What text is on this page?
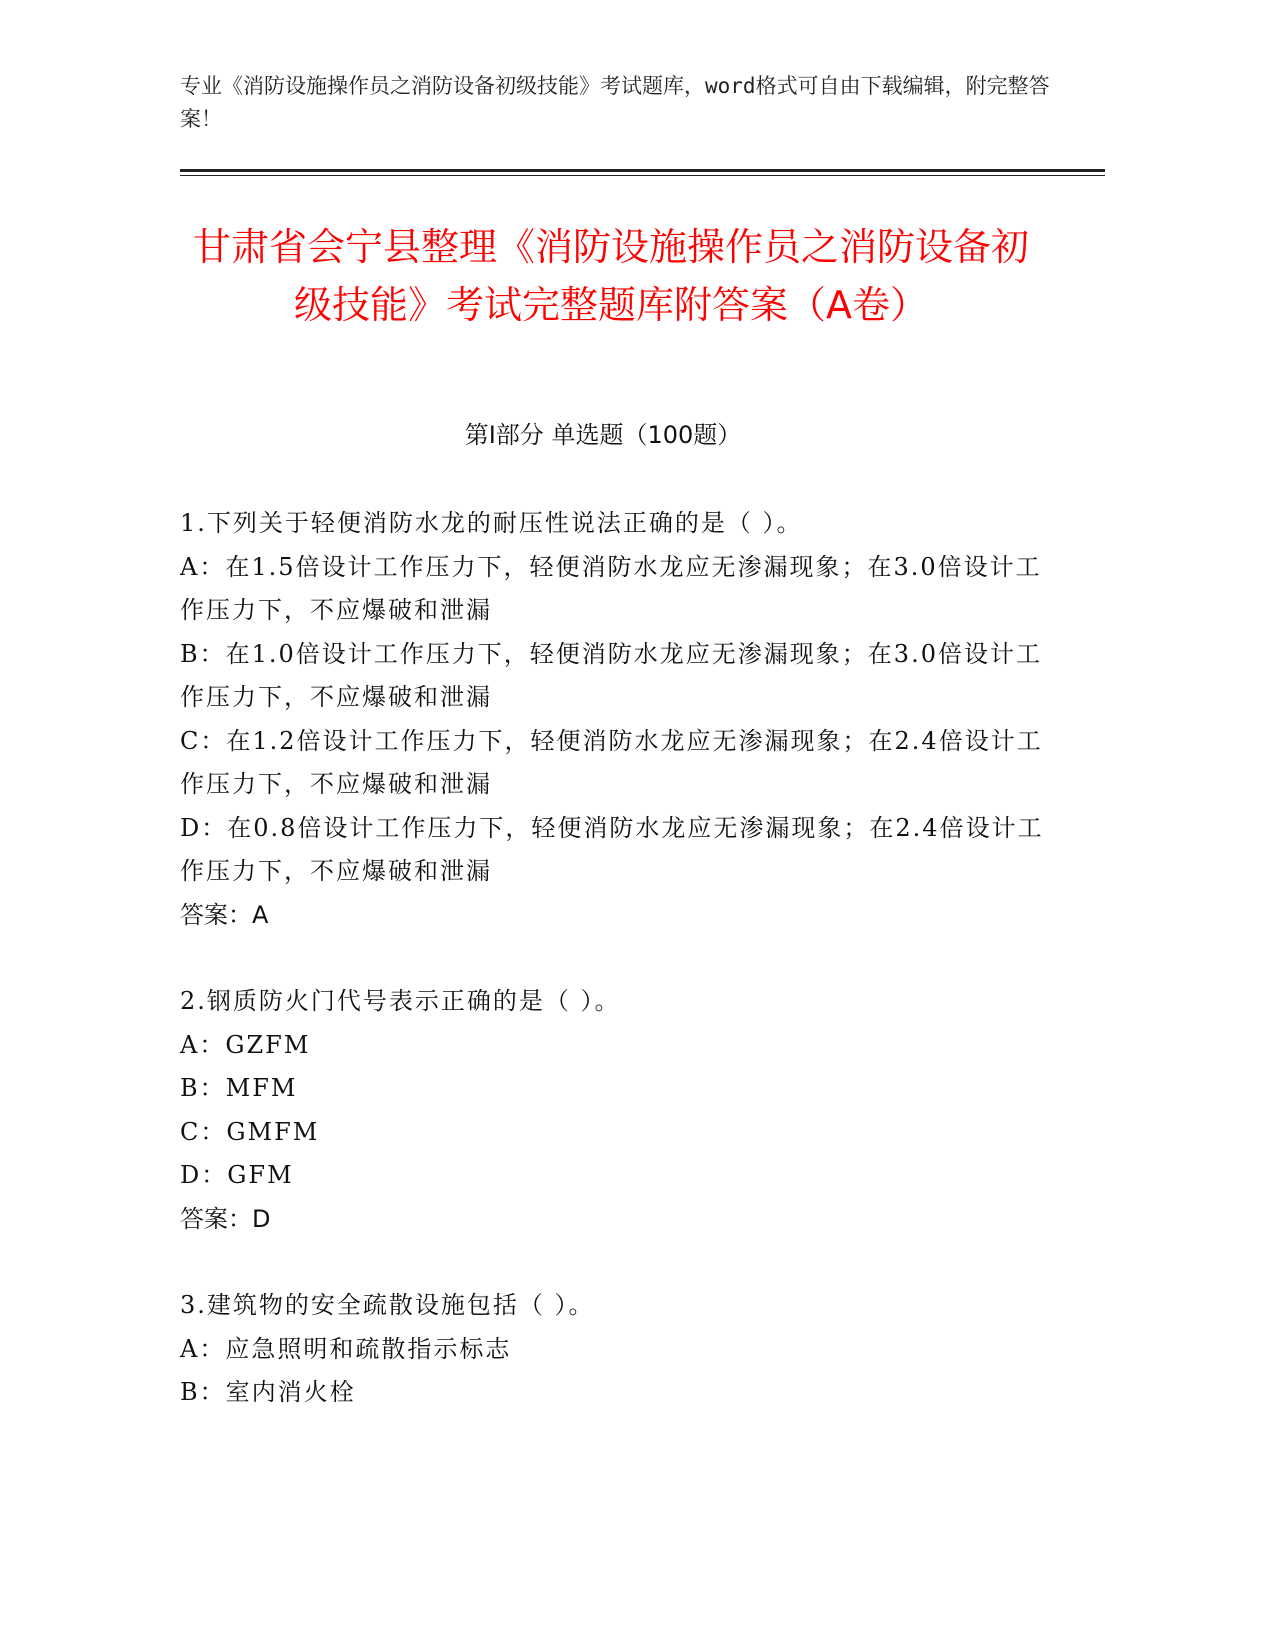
专业《消防设施操作员之消防设备初级技能》考试题库，word格式可自由下载编辑，附完整答案！
甘肃省会宁县整理《消防设施操作员之消防设备初级技能》考试完整题库附答案（A卷）
第I部分 单选题（100题）

1.下列关于轻便消防水龙的耐压性说法正确的是（ ）。

A：在1.5倍设计工作压力下，轻便消防水龙应无渗漏现象；在3.0倍设计工作压力下，不应爆破和泄漏

B：在1.0倍设计工作压力下，轻便消防水龙应无渗漏现象；在3.0倍设计工作压力下，不应爆破和泄漏

C：在1.2倍设计工作压力下，轻便消防水龙应无渗漏现象；在2.4倍设计工作压力下，不应爆破和泄漏

D：在0.8倍设计工作压力下，轻便消防水龙应无渗漏现象；在2.4倍设计工作压力下，不应爆破和泄漏

答案：A

2.钢质防火门代号表示正确的是（ ）。

A：GZFM

B：MFM

C：GMFM

D：GFM

答案：D

3.建筑物的安全疏散设施包括（ ）。

A：应急照明和疏散指示标志

B：室内消火栓
